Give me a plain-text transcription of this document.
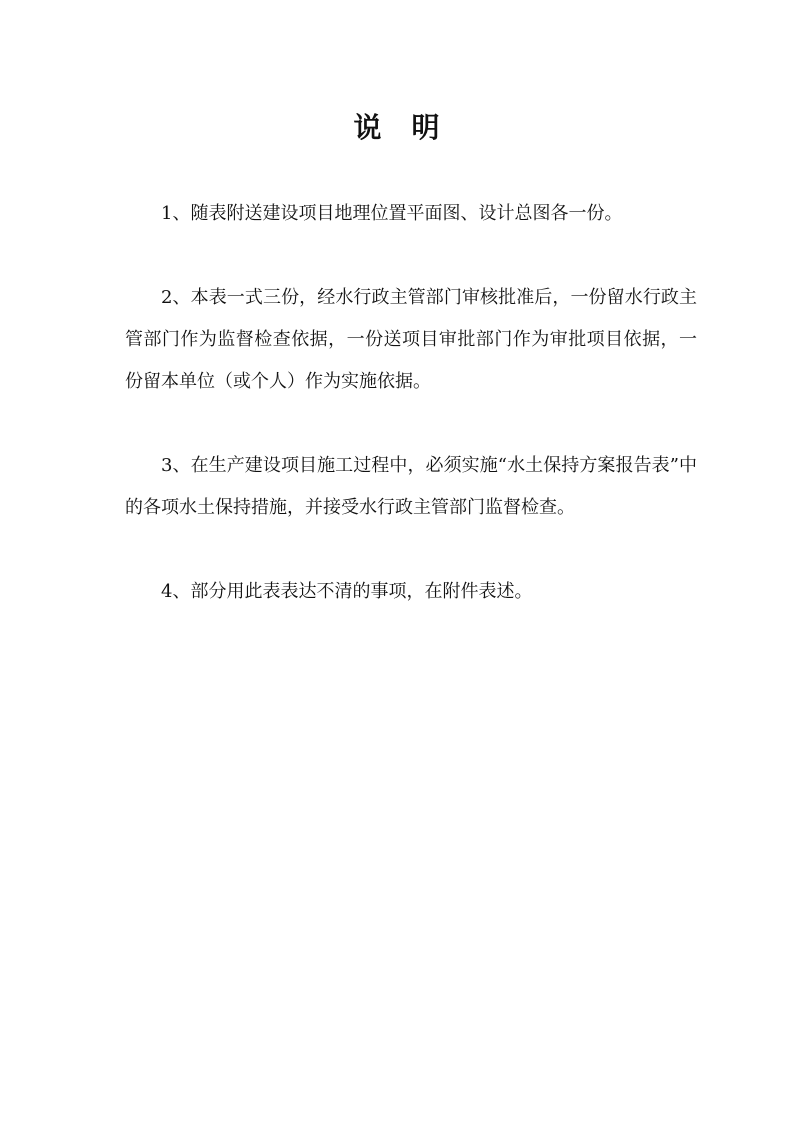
说明

1、随表附送建设项目地理位置平面图、设计总图各一份。

2、本表一式三份，经水行政主管部门审核批准后，一份留水行政主管部门作为监督检查依据，一份送项目审批部门作为审批项目依据，一份留本单位（或个人）作为实施依据。

3、在生产建设项目施工过程中，必须实施“水土保持方案报告表”中的各项水土保持措施，并接受水行政主管部门监督检查。

4、部分用此表表达不清的事项，在附件表述。
